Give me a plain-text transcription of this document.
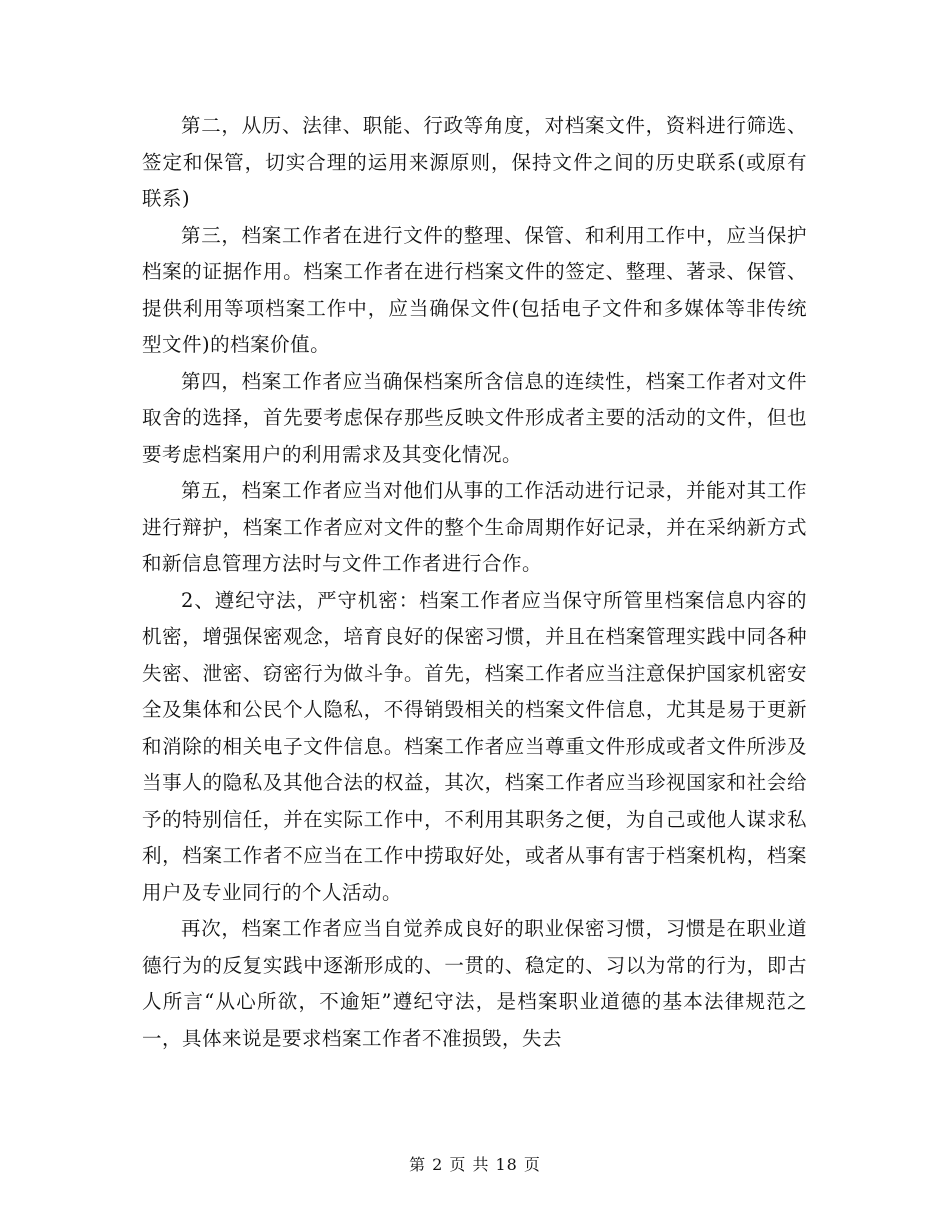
第二，从历、法律、职能、行政等角度，对档案文件，资料进行筛选、签定和保管，切实合理的运用来源原则，保持文件之间的历史联系(或原有联系)

第三，档案工作者在进行文件的整理、保管、和利用工作中，应当保护档案的证据作用。档案工作者在进行档案文件的签定、整理、著录、保管、提供利用等项档案工作中，应当确保文件(包括电子文件和多媒体等非传统型文件)的档案价值。

第四，档案工作者应当确保档案所含信息的连续性，档案工作者对文件取舍的选择，首先要考虑保存那些反映文件形成者主要的活动的文件，但也要考虑档案用户的利用需求及其变化情况。

第五，档案工作者应当对他们从事的工作活动进行记录，并能对其工作进行辩护，档案工作者应对文件的整个生命周期作好记录，并在采纳新方式和新信息管理方法时与文件工作者进行合作。

2、遵纪守法，严守机密：档案工作者应当保守所管里档案信息内容的机密，增强保密观念，培育良好的保密习惯，并且在档案管理实践中同各种失密、泄密、窃密行为做斗争。首先，档案工作者应当注意保护国家机密安全及集体和公民个人隐私，不得销毁相关的档案文件信息，尤其是易于更新和消除的相关电子文件信息。档案工作者应当尊重文件形成或者文件所涉及当事人的隐私及其他合法的权益，其次，档案工作者应当珍视国家和社会给予的特别信任，并在实际工作中，不利用其职务之便，为自己或他人谋求私利，档案工作者不应当在工作中捞取好处，或者从事有害于档案机构，档案用户及专业同行的个人活动。

再次，档案工作者应当自觉养成良好的职业保密习惯，习惯是在职业道德行为的反复实践中逐渐形成的、一贯的、稳定的、习以为常的行为，即古人所言“从心所欲，不逾矩”遵纪守法，是档案职业道德的基本法律规范之一，具体来说是要求档案工作者不准损毁，失去

第 2 页 共 18 页
